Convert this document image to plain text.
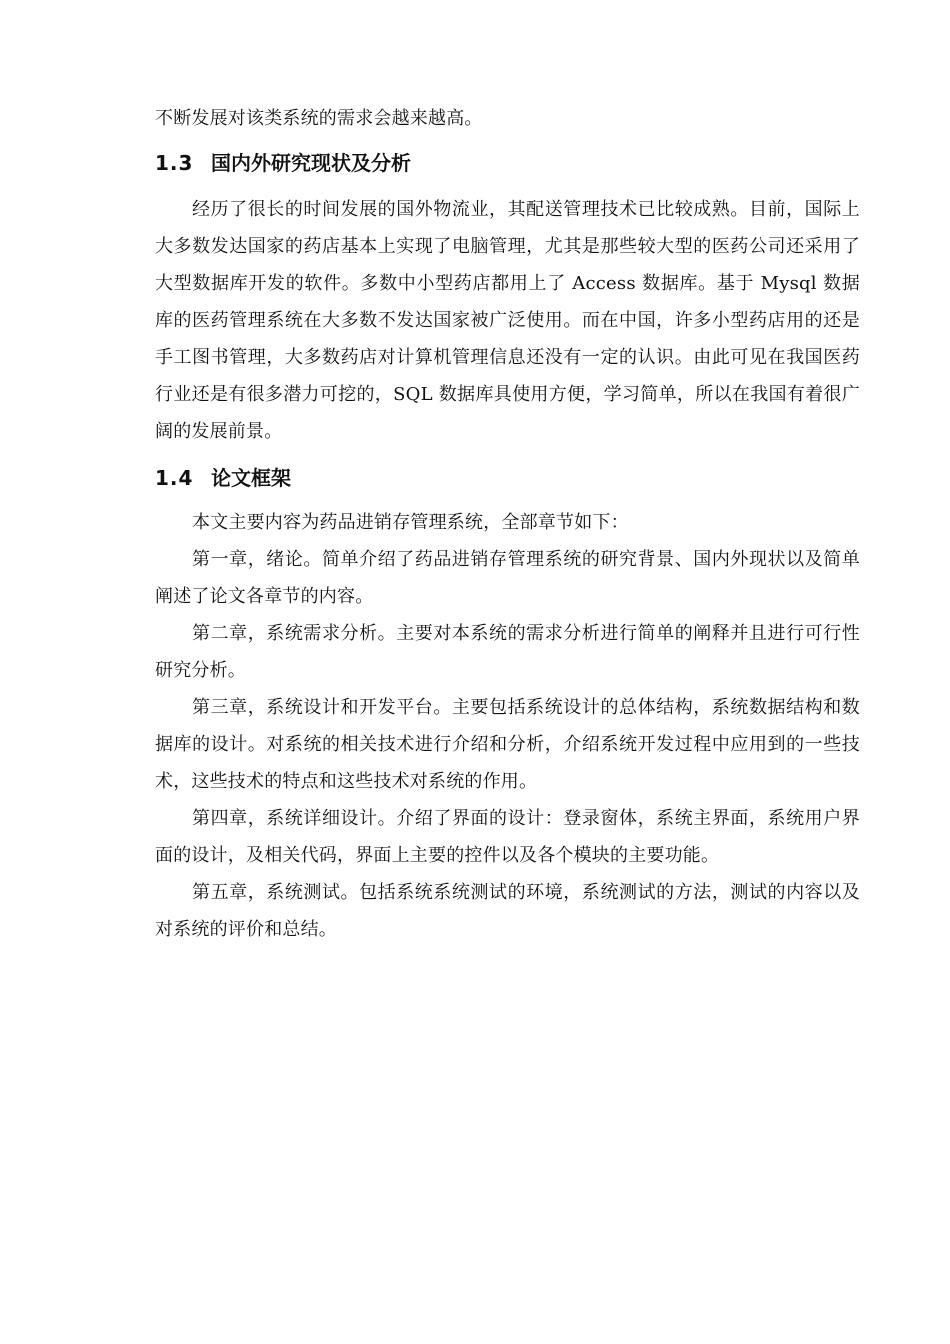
不断发展对该类系统的需求会越来越高。

1.3 国内外研究现状及分析

经历了很长的时间发展的国外物流业，其配送管理技术已比较成熟。目前，国际上大多数发达国家的药店基本上实现了电脑管理，尤其是那些较大型的医药公司还采用了大型数据库开发的软件。多数中小型药店都用上了 Access 数据库。基于 Mysql 数据库的医药管理系统在大多数不发达国家被广泛使用。而在中国，许多小型药店用的还是手工图书管理，大多数药店对计算机管理信息还没有一定的认识。由此可见在我国医药行业还是有很多潜力可挖的，SQL 数据库具使用方便，学习简单，所以在我国有着很广阔的发展前景。

1.4 论文框架

本文主要内容为药品进销存管理系统，全部章节如下：

第一章，绪论。简单介绍了药品进销存管理系统的研究背景、国内外现状以及简单阐述了论文各章节的内容。

第二章，系统需求分析。主要对本系统的需求分析进行简单的阐释并且进行可行性研究分析。

第三章，系统设计和开发平台。主要包括系统设计的总体结构，系统数据结构和数据库的设计。对系统的相关技术进行介绍和分析，介绍系统开发过程中应用到的一些技术，这些技术的特点和这些技术对系统的作用。

第四章，系统详细设计。介绍了界面的设计：登录窗体，系统主界面，系统用户界面的设计，及相关代码，界面上主要的控件以及各个模块的主要功能。

第五章，系统测试。包括系统系统测试的环境，系统测试的方法，测试的内容以及对系统的评价和总结。
